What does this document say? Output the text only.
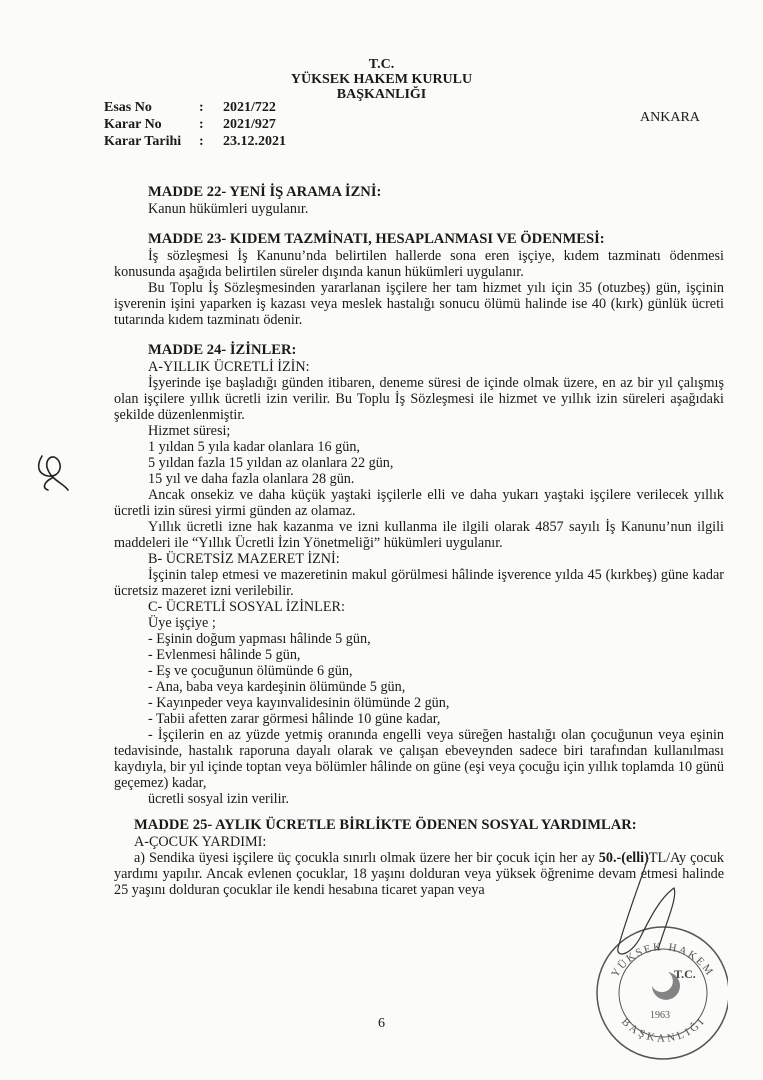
T.C.
YÜKSEK HAKEM KURULU
BAŞKANLIĞI
Esas No	:	2021/722
Karar No	:	2021/927
Karar Tarihi	:	23.12.2021
ANKARA

MADDE 22- YENİ İŞ ARAMA İZNİ:

Kanun hükümleri uygulanır.

MADDE 23- KIDEM TAZMİNATI, HESAPLANMASI VE ÖDENMESİ:

İş sözleşmesi İş Kanunu’nda belirtilen hallerde sona eren işçiye, kıdem tazminatı ödenmesi konusunda aşağıda belirtilen süreler dışında kanun hükümleri uygulanır.

Bu Toplu İş Sözleşmesinden yararlanan işçilere her tam hizmet yılı için 35 (otuzbeş) gün, işçinin işverenin işini yaparken iş kazası veya meslek hastalığı sonucu ölümü halinde ise 40 (kırk) günlük ücreti tutarında kıdem tazminatı ödenir.

MADDE 24- İZİNLER:

A-YILLIK ÜCRETLİ İZİN:

İşyerinde işe başladığı günden itibaren, deneme süresi de içinde olmak üzere, en az bir yıl çalışmış olan işçilere yıllık ücretli izin verilir. Bu Toplu İş Sözleşmesi ile hizmet ve yıllık izin süreleri aşağıdaki şekilde düzenlenmiştir.

Hizmet süresi;

1 yıldan 5 yıla kadar olanlara 16 gün,

5 yıldan fazla 15 yıldan az olanlara 22 gün,

15 yıl ve daha fazla olanlara 28 gün.

Ancak onsekiz ve daha küçük yaştaki işçilerle elli ve daha yukarı yaştaki işçilere verilecek yıllık ücretli izin süresi yirmi günden az olamaz.

Yıllık ücretli izne hak kazanma ve izni kullanma ile ilgili olarak 4857 sayılı İş Kanunu’nun ilgili maddeleri ile “Yıllık Ücretli İzin Yönetmeliği” hükümleri uygulanır.

B- ÜCRETSİZ MAZERET İZNİ:

İşçinin talep etmesi ve mazeretinin makul görülmesi hâlinde işverence yılda 45 (kırkbeş) güne kadar ücretsiz mazeret izni verilebilir.

C- ÜCRETLİ SOSYAL İZİNLER:

Üye işçiye ;

- Eşinin doğum yapması hâlinde 5 gün,

- Evlenmesi hâlinde 5 gün,

- Eş ve çocuğunun ölümünde 6 gün,

- Ana, baba veya kardeşinin ölümünde 5 gün,

- Kayınpeder veya kayınvalidesinin ölümünde 2 gün,

- Tabii afetten zarar görmesi hâlinde 10 güne kadar,

- İşçilerin en az yüzde yetmiş oranında engelli veya süreğen hastalığı olan çocuğunun veya eşinin tedavisinde, hastalık raporuna dayalı olarak ve çalışan ebeveynden sadece biri tarafından kullanılması kaydıyla, bir yıl içinde toptan veya bölümler hâlinde on güne (eşi veya çocuğu için yıllık toplamda 10 günü geçemez) kadar,

ücretli sosyal izin verilir.

MADDE 25- AYLIK ÜCRETLE BİRLİKTE ÖDENEN SOSYAL YARDIMLAR:

A-ÇOCUK YARDIMI:

a) Sendika üyesi işçilere üç çocukla sınırlı olmak üzere her bir çocuk için her ay 50.-(elli)TL/Ay çocuk yardımı yapılır. Ancak evlenen çocuklar, 18 yaşını dolduran veya yüksek öğrenime devam etmesi halinde 25 yaşını dolduran çocuklar ile kendi hesabına ticaret yapan veya

6
YÜKSEK HAKEM
BAŞKANLIĞI
T.C.
1963
